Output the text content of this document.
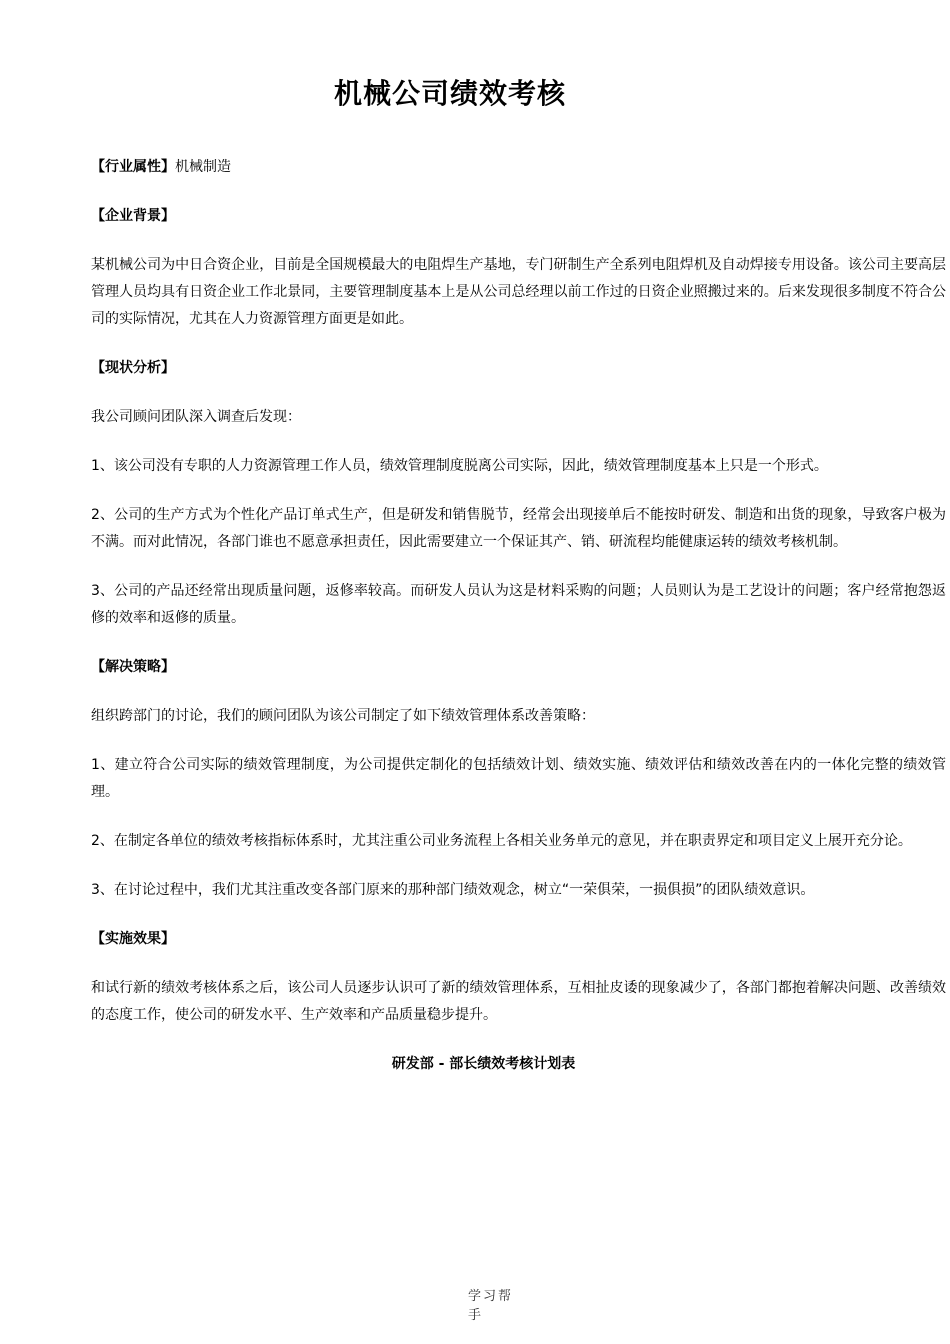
机械公司绩效考核

【行业属性】机械制造

【企业背景】

某机械公司为中日合资企业，目前是全国规模最大的电阻焊生产基地，专门研制生产全系列电阻焊机及自动焊接专用设备。该公司主要高层管理人员均具有日资企业工作北景同，主要管理制度基本上是从公司总经理以前工作过的日资企业照搬过来的。后来发现很多制度不符合公司的实际情况，尤其在人力资源管理方面更是如此。

【现状分析】

我公司顾问团队深入调查后发现：

1、该公司没有专职的人力资源管理工作人员，绩效管理制度脱离公司实际，因此，绩效管理制度基本上只是一个形式。

2、公司的生产方式为个性化产品订单式生产，但是研发和销售脱节，经常会出现接单后不能按时研发、制造和出货的现象，导致客户极为不满。而对此情况，各部门谁也不愿意承担责任，因此需要建立一个保证其产、销、研流程均能健康运转的绩效考核机制。

3、公司的产品还经常出现质量问题，返修率较高。而研发人员认为这是材料采购的问题；人员则认为是工艺设计的问题；客户经常抱怨返修的效率和返修的质量。

【解决策略】

组织跨部门的讨论，我们的顾问团队为该公司制定了如下绩效管理体系改善策略：

1、建立符合公司实际的绩效管理制度，为公司提供定制化的包括绩效计划、绩效实施、绩效评估和绩效改善在内的一体化完整的绩效管理。

2、在制定各单位的绩效考核指标体系时，尤其注重公司业务流程上各相关业务单元的意见，并在职责界定和项目定义上展开充分论。

3、在讨论过程中，我们尤其注重改变各部门原来的那种部门绩效观念，树立“一荣俱荣，一损俱损”的团队绩效意识。

【实施效果】

和试行新的绩效考核体系之后，该公司人员逐步认识可了新的绩效管理体系，互相扯皮诿的现象减少了，各部门都抱着解决问题、改善绩效的态度工作，使公司的研发水平、生产效率和产品质量稳步提升。

研发部 - 部长绩效考核计划表

学习帮手
